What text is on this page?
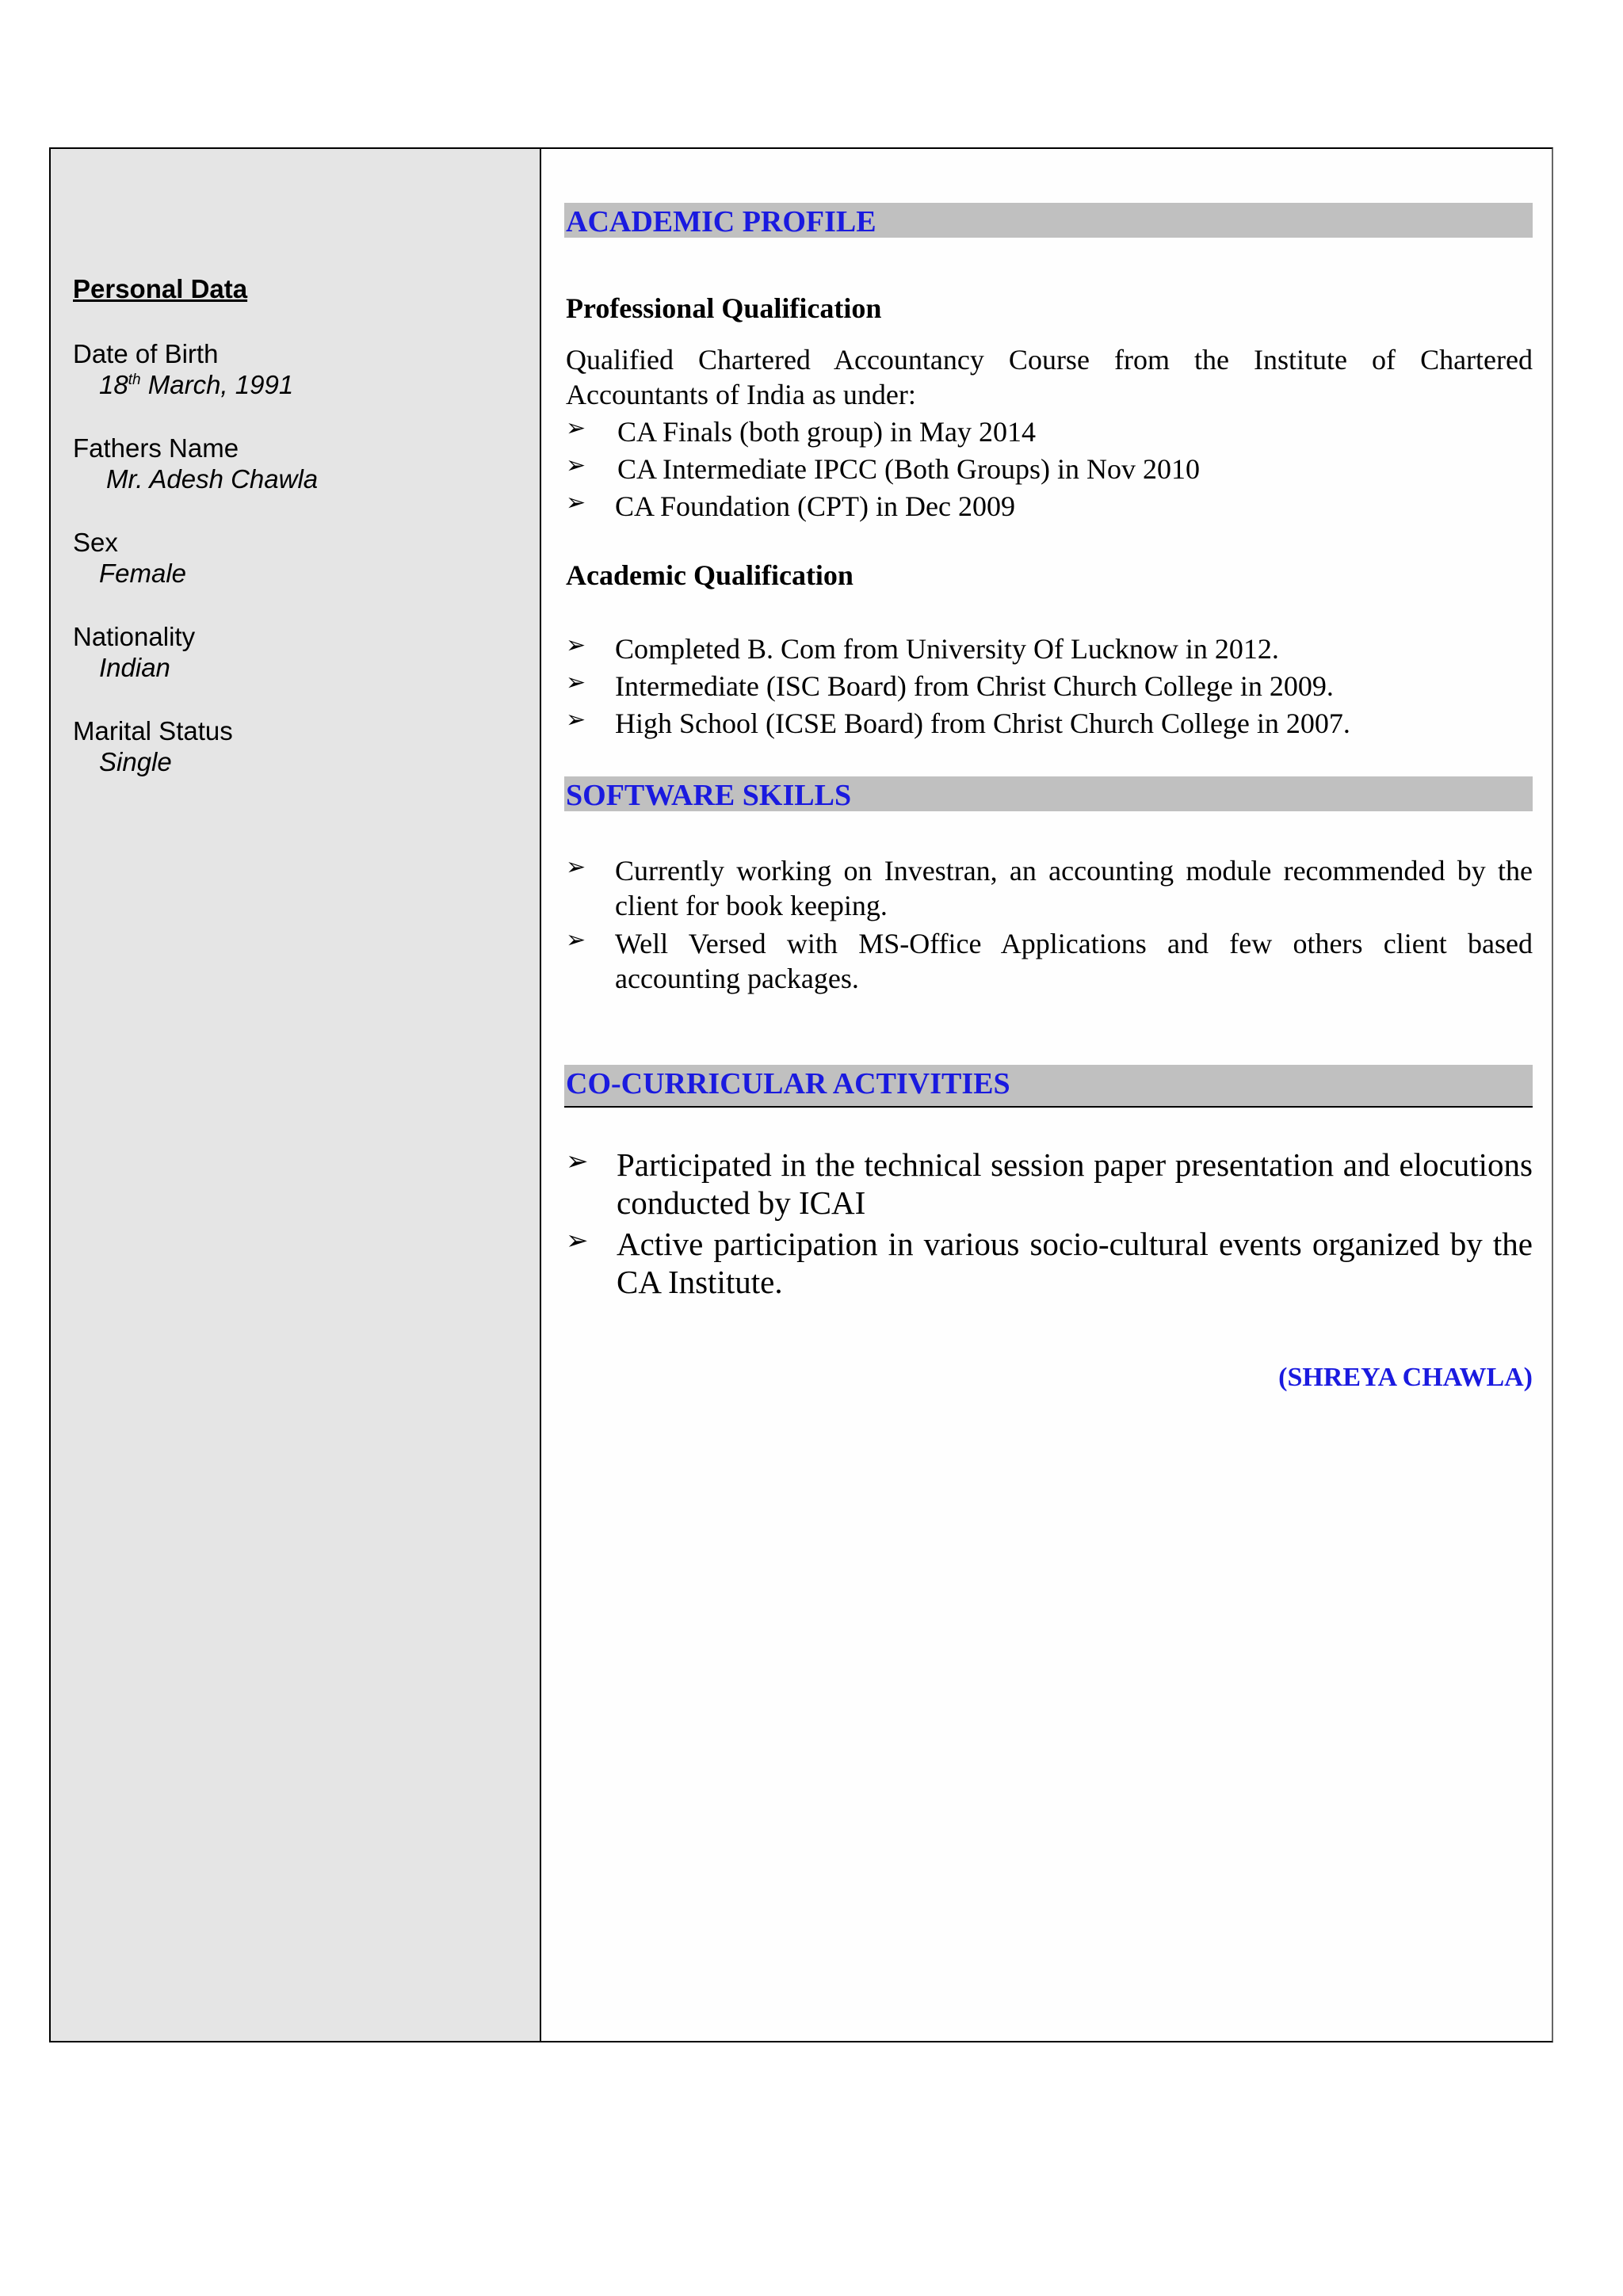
Personal Data

Date of Birth

18th March, 1991

Fathers Name

Mr. Adesh Chawla

Sex

Female

Nationality

Indian

Marital Status

Single

ACADEMIC PROFILE

Professional Qualification

Qualified Chartered Accountancy Course from the Institute of Chartered Accountants of India as under:

➢ CA Finals (both group) in May 2014
➢ CA Intermediate IPCC (Both Groups) in Nov 2010
➢ CA Foundation (CPT) in Dec 2009

Academic Qualification

➢ Completed B. Com from University Of Lucknow in 2012.
➢ Intermediate (ISC Board) from Christ Church College in 2009.
➢ High School (ICSE Board) from Christ Church College in 2007.
SOFTWARE SKILLS
➢ Currently working on Investran, an accounting module recommended by the client for book keeping.
➢ Well Versed with MS-Office Applications and few others client based accounting packages.
CO-CURRICULAR ACTIVITIES
➢ Participated in the technical session paper presentation and elocutions conducted by ICAI
➢ Active participation in various socio-cultural events organized by the CA Institute.

(SHREYA CHAWLA)
